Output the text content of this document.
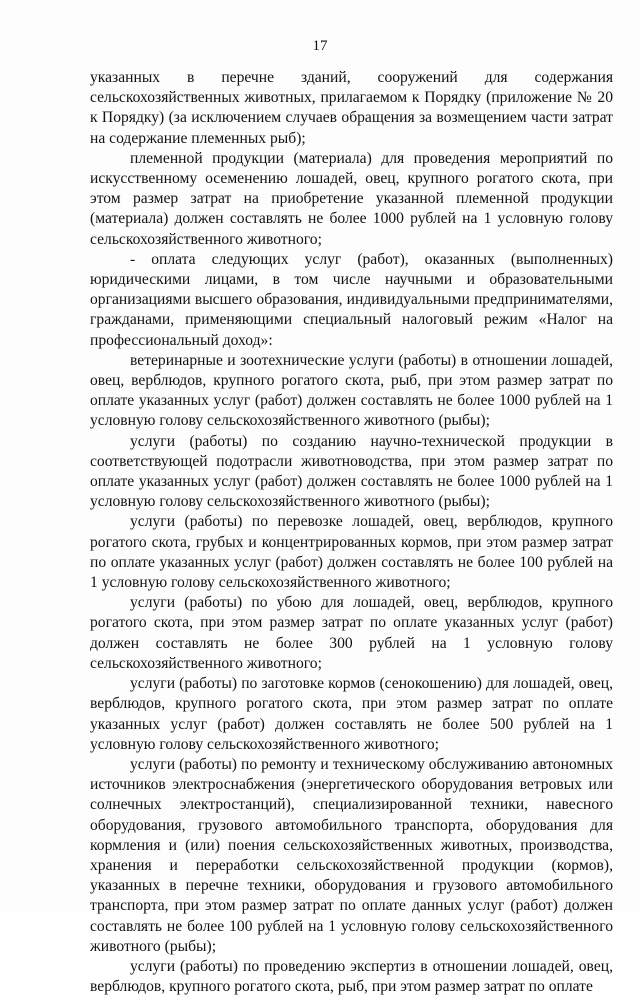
17

указанных в перечне зданий, сооружений для содержания сельскохозяйственных животных, прилагаемом к Порядку (приложение № 20 к Порядку) (за исключением случаев обращения за возмещением части затрат на содержание племенных рыб);

племенной продукции (материала) для проведения мероприятий по искусственному осеменению лошадей, овец, крупного рогатого скота, при этом размер затрат на приобретение указанной племенной продукции (материала) должен составлять не более 1000 рублей на 1 условную голову сельскохозяйственного животного;

- оплата следующих услуг (работ), оказанных (выполненных) юридическими лицами, в том числе научными и образовательными организациями высшего образования, индивидуальными предпринимателями, гражданами, применяющими специальный налоговый режим «Налог на профессиональный доход»:

ветеринарные и зоотехнические услуги (работы) в отношении лошадей, овец, верблюдов, крупного рогатого скота, рыб, при этом размер затрат по оплате указанных услуг (работ) должен составлять не более 1000 рублей на 1 условную голову сельскохозяйственного животного (рыбы);

услуги (работы) по созданию научно-технической продукции в соответствующей подотрасли животноводства, при этом размер затрат по оплате указанных услуг (работ) должен составлять не более 1000 рублей на 1 условную голову сельскохозяйственного животного (рыбы);

услуги (работы) по перевозке лошадей, овец, верблюдов, крупного рогатого скота, грубых и концентрированных кормов, при этом размер затрат по оплате указанных услуг (работ) должен составлять не более 100 рублей на 1 условную голову сельскохозяйственного животного;

услуги (работы) по убою для лошадей, овец, верблюдов, крупного рогатого скота, при этом размер затрат по оплате указанных услуг (работ) должен составлять не более 300 рублей на 1 условную голову сельскохозяйственного животного;

услуги (работы) по заготовке кормов (сенокошению) для лошадей, овец, верблюдов, крупного рогатого скота, при этом размер затрат по оплате указанных услуг (работ) должен составлять не более 500 рублей на 1 условную голову сельскохозяйственного животного;

услуги (работы) по ремонту и техническому обслуживанию автономных источников электроснабжения (энергетического оборудования ветровых или солнечных электростанций), специализированной техники, навесного оборудования, грузового автомобильного транспорта, оборудования для кормления и (или) поения сельскохозяйственных животных, производства, хранения и переработки сельскохозяйственной продукции (кормов), указанных в перечне техники, оборудования и грузового автомобильного транспорта, при этом размер затрат по оплате данных услуг (работ) должен составлять не более 100 рублей на 1 условную голову сельскохозяйственного животного (рыбы);

услуги (работы) по проведению экспертиз в отношении лошадей, овец, верблюдов, крупного рогатого скота, рыб, при этом размер затрат по оплате
